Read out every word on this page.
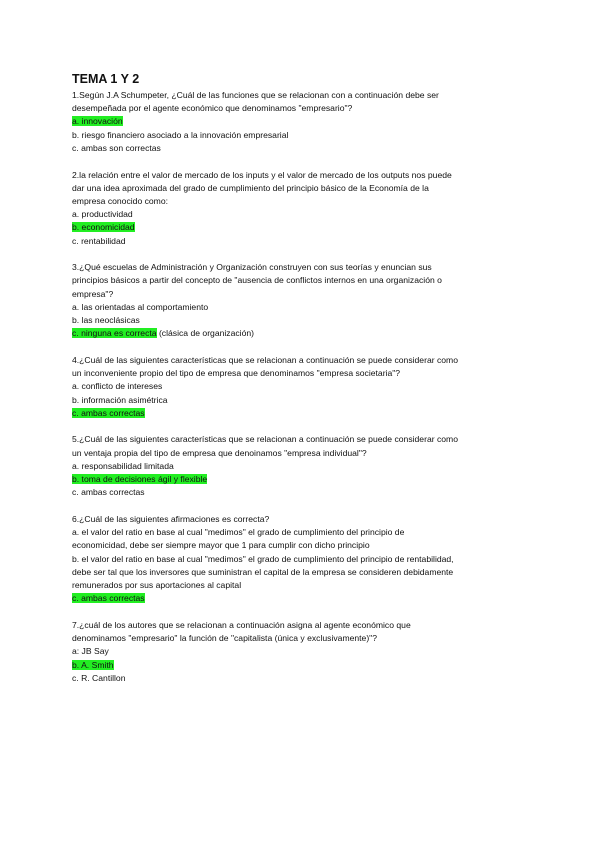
TEMA 1 Y 2
1.Según J.A Schumpeter, ¿Cuál de las funciones que se relacionan con a continuación debe ser
desempeñada por el agente económico que denominamos "empresario"?
a. innovación
b. riesgo financiero asociado a la innovación empresarial
c. ambas son correctas
2.la relación entre el valor de mercado de los inputs y el valor de mercado de los outputs nos puede
dar una idea aproximada del grado de cumplimiento del principio básico de la Economía de la
empresa conocido como:
a. productividad
b. economicidad
c. rentabilidad
3.¿Qué escuelas de Administración y Organización construyen con sus teorías y enuncian sus
principios básicos a partir del concepto de "ausencia de conflictos internos en una organización o
empresa"?
a. las orientadas al comportamiento
b. las neoclásicas
c. ninguna es correcta (clásica de organización)
4.¿Cuál de las siguientes características que se relacionan a continuación se puede considerar como
un inconveniente propio del tipo de empresa que denominamos "empresa societaria"?
a. conflicto de intereses
b. información asimétrica
c. ambas correctas
5.¿Cuál de las siguientes características que se relacionan a continuación se puede considerar como
un ventaja propia del tipo de empresa que denoinamos "empresa individual"?
a. responsabilidad limitada
b. toma de decisiones ágil y flexible
c. ambas correctas
6.¿Cuál de las siguientes afirmaciones es correcta?
a. el valor del ratio en base al cual "medimos" el grado de cumplimiento del principio de
economicidad, debe ser siempre mayor que 1 para cumplir con dicho principio
b. el valor del ratio en base al cual "medimos" el grado de cumplimiento del principio de rentabilidad,
debe ser tal que los inversores que suministran el capital de la empresa se consideren debidamente
remunerados por sus aportaciones al capital
c. ambas correctas
7.¿cuál de los autores que se relacionan a continuación asigna al agente económico que
denominamos "empresario" la función de "capitalista (única y exclusivamente)"?
a: JB Say
b. A. Smith
c. R. Cantillon
